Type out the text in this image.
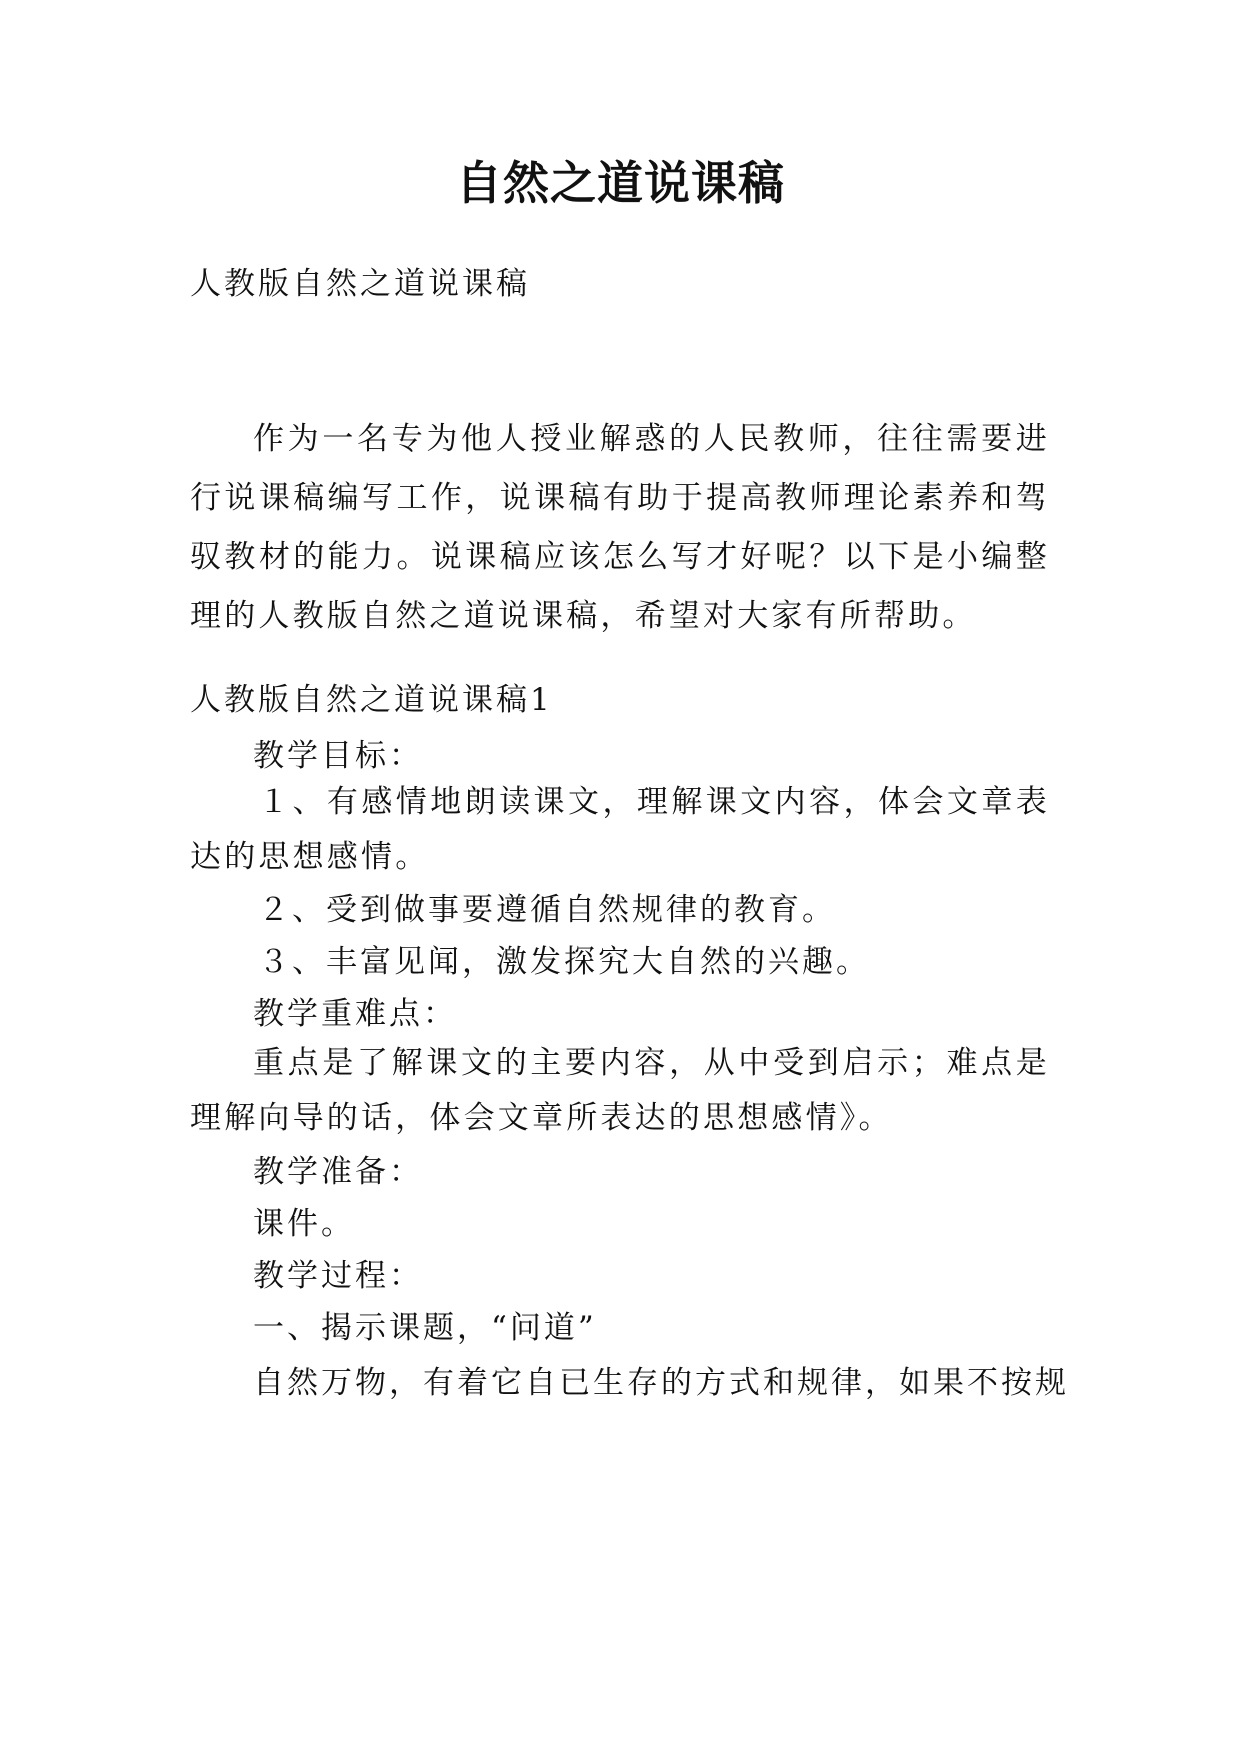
自然之道说课稿

人教版自然之道说课稿

作为一名专为他人授业解惑的人民教师，往往需要进行说课稿编写工作，说课稿有助于提高教师理论素养和驾驭教材的能力。说课稿应该怎么写才好呢？以下是小编整理的人教版自然之道说课稿，希望对大家有所帮助。

人教版自然之道说课稿1

教学目标：

１、有感情地朗读课文，理解课文内容，体会文章表达的思想感情。

２、受到做事要遵循自然规律的教育。

３、丰富见闻，激发探究大自然的兴趣。

教学重难点：

重点是了解课文的主要内容，从中受到启示；难点是理解向导的话，体会文章所表达的思想感情》。

教学准备：

课件。

教学过程：

一、揭示课题，“问道”

自然万物，有着它自已生存的方式和规律，如果不按规
